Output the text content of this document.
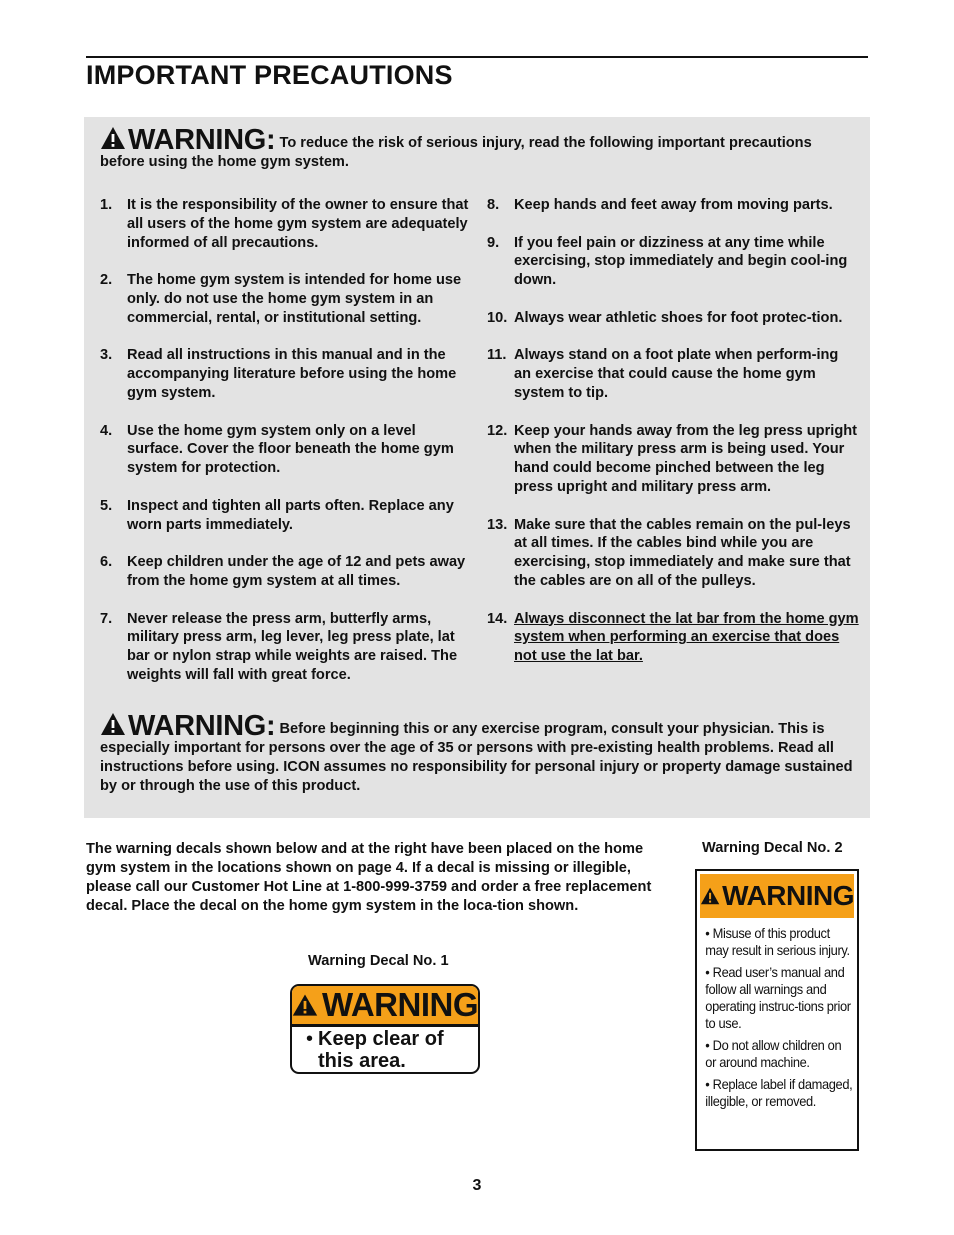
IMPORTANT PRECAUTIONS
WARNING: To reduce the risk of serious injury, read the following important precautions before using the home gym system.
1. It is the responsibility of the owner to ensure that all users of the home gym system are adequately informed of all precautions.
2. The home gym system is intended for home use only. do not use the home gym system in an commercial, rental, or institutional setting.
3. Read all instructions in this manual and in the accompanying literature before using the home gym system.
4. Use the home gym system only on a level surface. Cover the floor beneath the home gym system for protection.
5. Inspect and tighten all parts often. Replace any worn parts immediately.
6. Keep children under the age of 12 and pets away from the home gym system at all times.
7. Never release the press arm, butterfly arms, military press arm, leg lever, leg press plate, lat bar or nylon strap while weights are raised. The weights will fall with great force.
8. Keep hands and feet away from moving parts.
9. If you feel pain or dizziness at any time while exercising, stop immediately and begin cool-ing down.
10. Always wear athletic shoes for foot protec-tion.
11. Always stand on a foot plate when perform-ing an exercise that could cause the home gym system to tip.
12. Keep your hands away from the leg press upright when the military press arm is being used. Your hand could become pinched between the leg press upright and military press arm.
13. Make sure that the cables remain on the pul-leys at all times. If the cables bind while you are exercising, stop immediately and make sure that the cables are on all of the pulleys.
14. Always disconnect the lat bar from the home gym system when performing an exercise that does not use the lat bar.
WARNING: Before beginning this or any exercise program, consult your physician. This is especially important for persons over the age of 35 or persons with pre-existing health problems. Read all instructions before using. ICON assumes no responsibility for personal injury or property damage sustained by or through the use of this product.
The warning decals shown below and at the right have been placed on the home gym system in the locations shown on page 4. If a decal is missing or illegible, please call our Customer Hot Line at 1-800-999-3759 and order a free replacement decal. Place the decal on the home gym system in the loca-tion shown.
Warning Decal No. 1
WARNING
• Keep clear of
this area.
Warning Decal No. 2
WARNING
• Misuse of this product may result in serious injury.
• Read user’s manual and follow all warnings and operating instruc-tions prior to use.
• Do not allow children on or around machine.
• Replace label if damaged, illegible, or removed.
3
